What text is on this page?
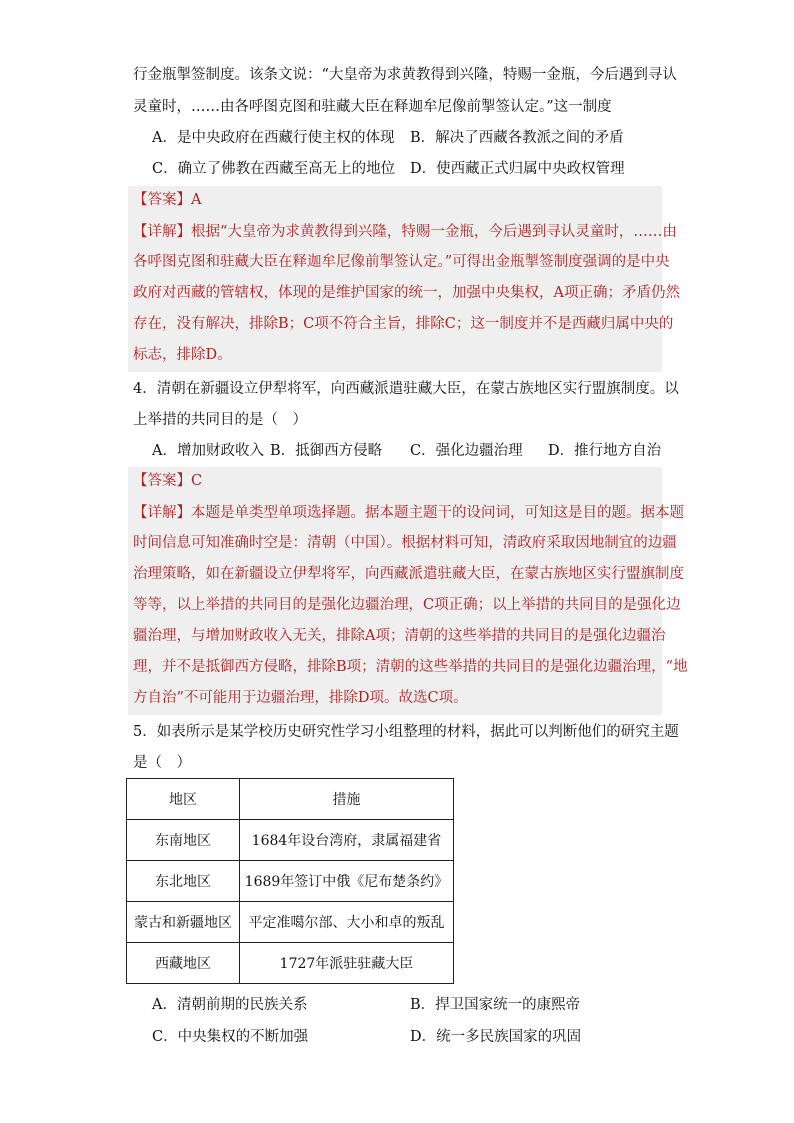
行金瓶掣签制度。该条文说：“大皇帝为求黄教得到兴隆，特赐一金瓶，今后遇到寻认
灵童时，……由各呼图克图和驻藏大臣在释迦牟尼像前掣签认定。”这一制度
A．是中央政府在西藏行使主权的体现 B．解决了西藏各教派之间的矛盾
C．确立了佛教在西藏至高无上的地位 D．使西藏正式归属中央政权管理
【答案】A
【详解】根据“大皇帝为求黄教得到兴隆，特赐一金瓶，今后遇到寻认灵童时，……由
各呼图克图和驻藏大臣在释迦牟尼像前掣签认定。”可得出金瓶掣签制度强调的是中央
政府对西藏的管辖权，体现的是维护国家的统一，加强中央集权，A项正确；矛盾仍然
存在，没有解决，排除B；C项不符合主旨，排除C；这一制度并不是西藏归属中央的
标志，排除D。
4．清朝在新疆设立伊犁将军，向西藏派遣驻藏大臣，在蒙古族地区实行盟旗制度。以
上举措的共同目的是（　）
A．增加财政收入 B．抵御西方侵略 C．强化边疆治理 D．推行地方自治
【答案】C
【详解】本题是单类型单项选择题。据本题主题干的设问词，可知这是目的题。据本题
时间信息可知准确时空是：清朝（中国）。根据材料可知，清政府采取因地制宜的边疆
治理策略，如在新疆设立伊犁将军，向西藏派遣驻藏大臣，在蒙古族地区实行盟旗制度
等等，以上举措的共同目的是强化边疆治理，C项正确；以上举措的共同目的是强化边
疆治理，与增加财政收入无关，排除A项；清朝的这些举措的共同目的是强化边疆治
理，并不是抵御西方侵略，排除B项；清朝的这些举措的共同目的是强化边疆治理，“地
方自治”不可能用于边疆治理，排除D项。故选C项。
5．如表所示是某学校历史研究性学习小组整理的材料，据此可以判断他们的研究主题
是（　）
地区	措施
东南地区	1684年设台湾府，隶属福建省
东北地区	1689年签订中俄《尼布楚条约》
蒙古和新疆地区	平定准噶尔部、大小和卓的叛乱
西藏地区	1727年派驻驻藏大臣
A．清朝前期的民族关系	B．捍卫国家统一的康熙帝
C．中央集权的不断加强	D．统一多民族国家的巩固
